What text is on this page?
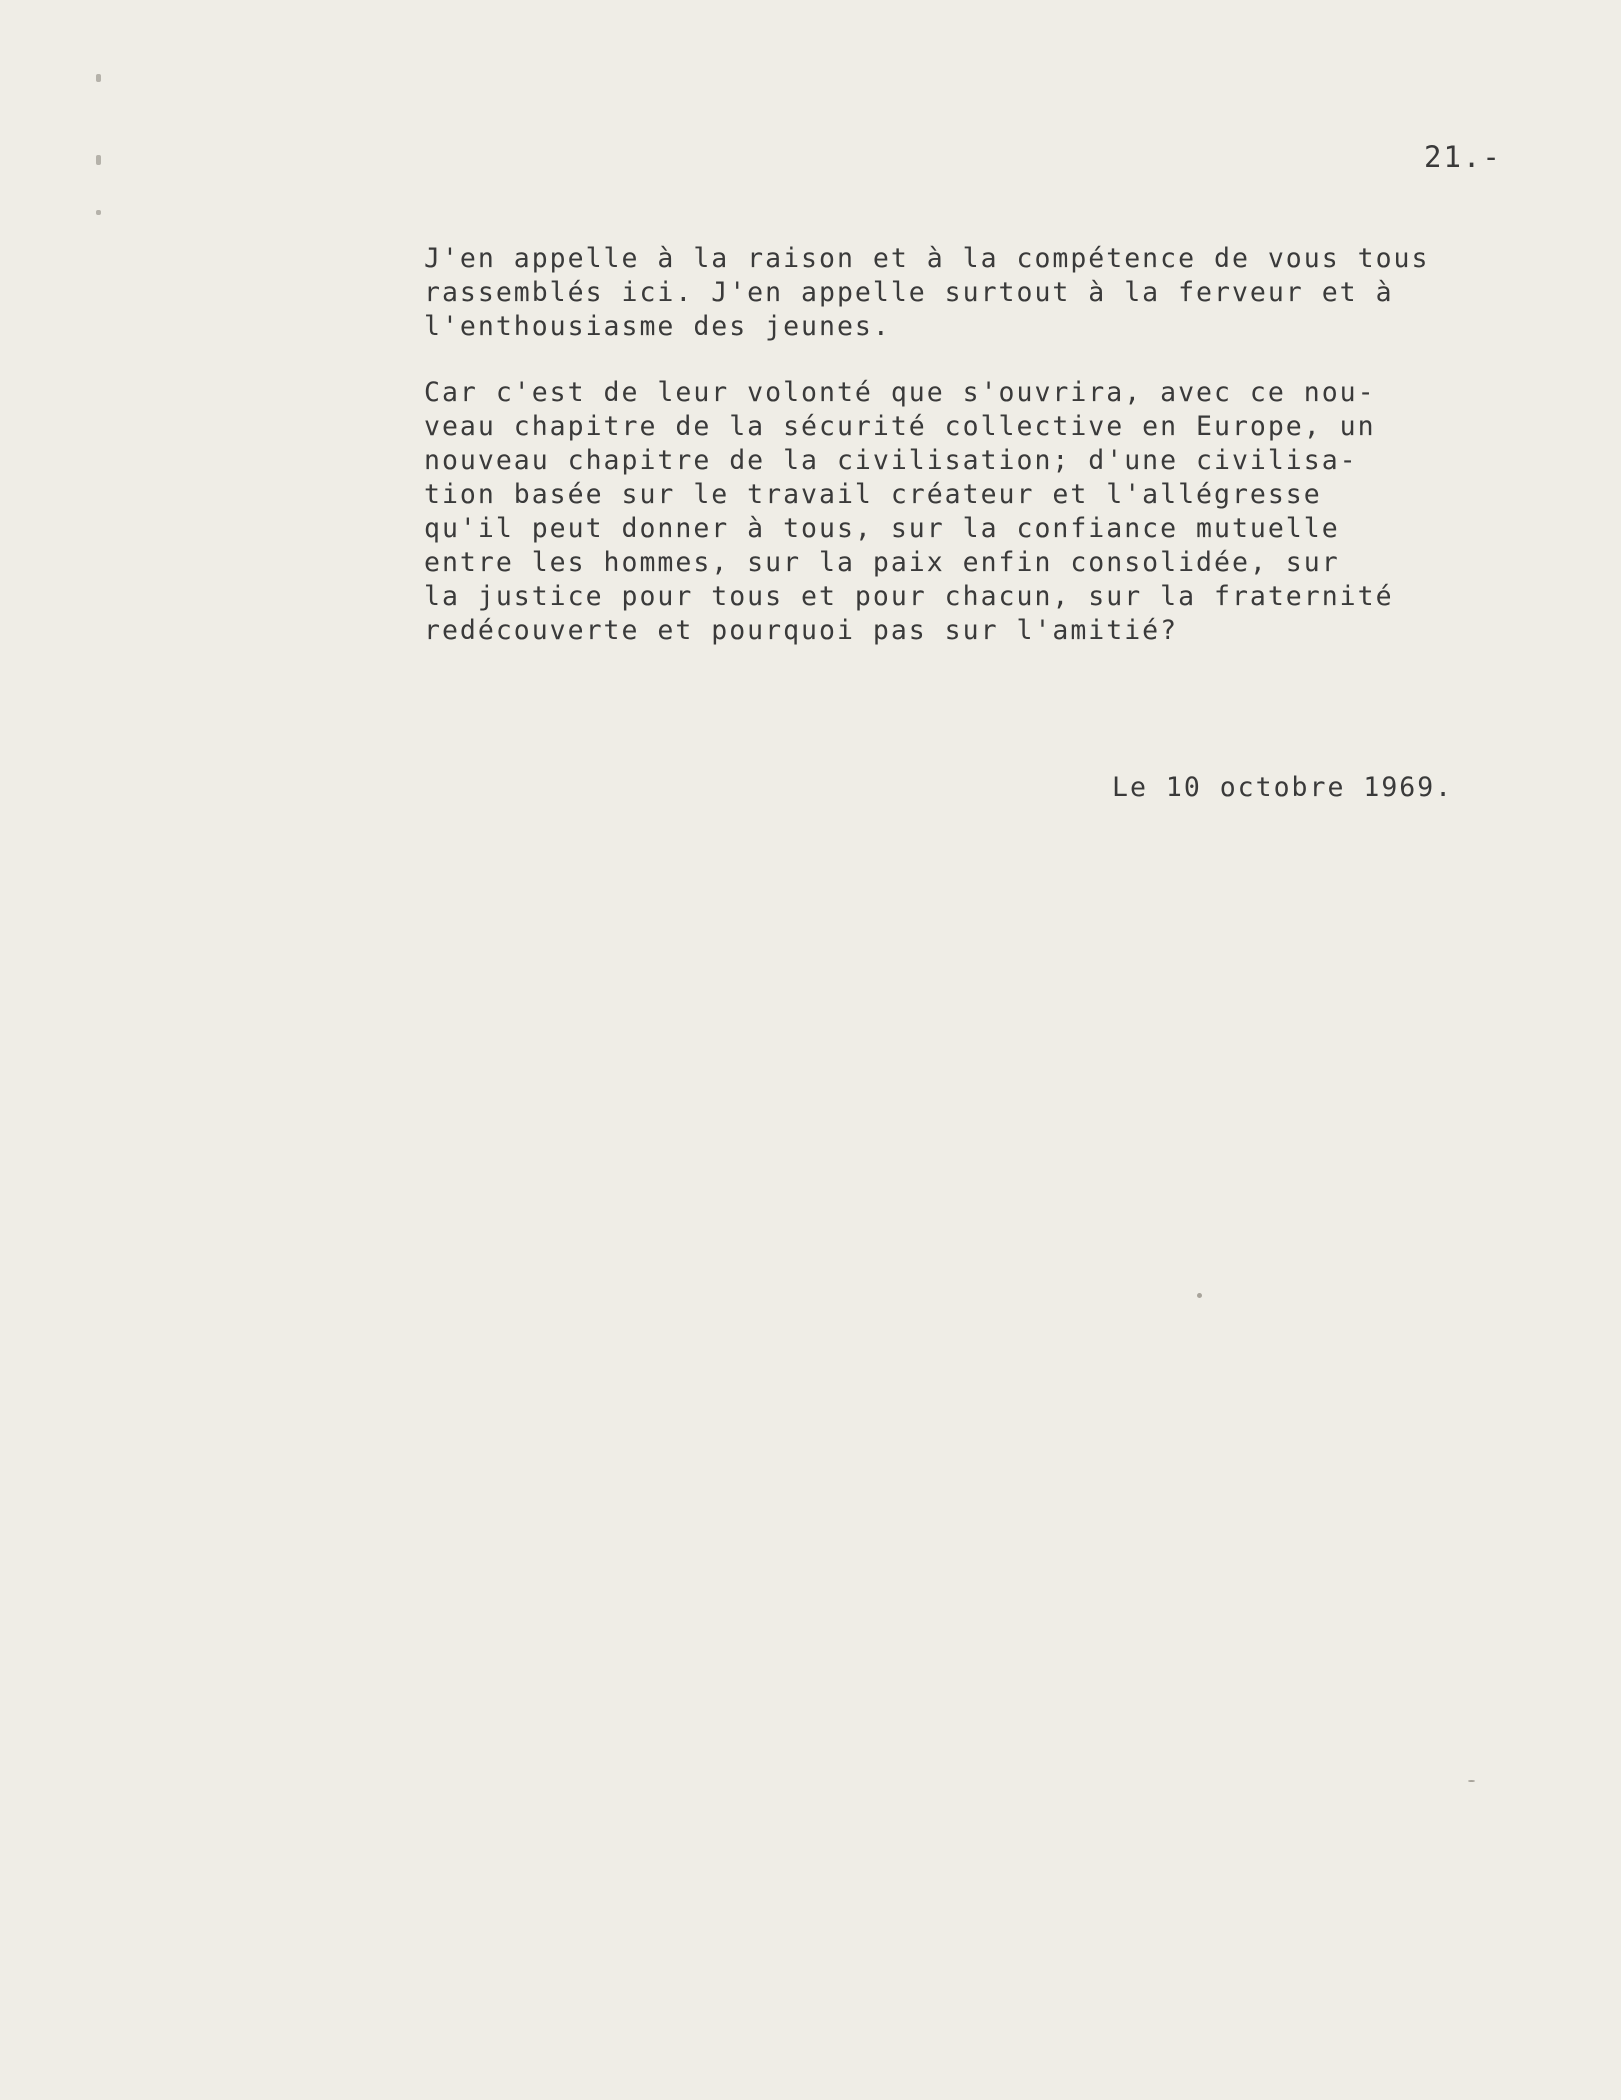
21.-

J'en appelle à la raison et à la compétence de vous tous
rassemblés ici. J'en appelle surtout à la ferveur et à
l'enthousiasme des jeunes.

Car c'est de leur volonté que s'ouvrira, avec ce nou-
veau chapitre de la sécurité collective en Europe, un
nouveau chapitre de la civilisation; d'une civilisa-
tion basée sur le travail créateur et l'allégresse
qu'il peut donner à tous, sur la confiance mutuelle
entre les hommes, sur la paix enfin consolidée, sur
la justice pour tous et pour chacun, sur la fraternité
redécouverte et pourquoi pas sur l'amitié?

Le 10 octobre 1969.
